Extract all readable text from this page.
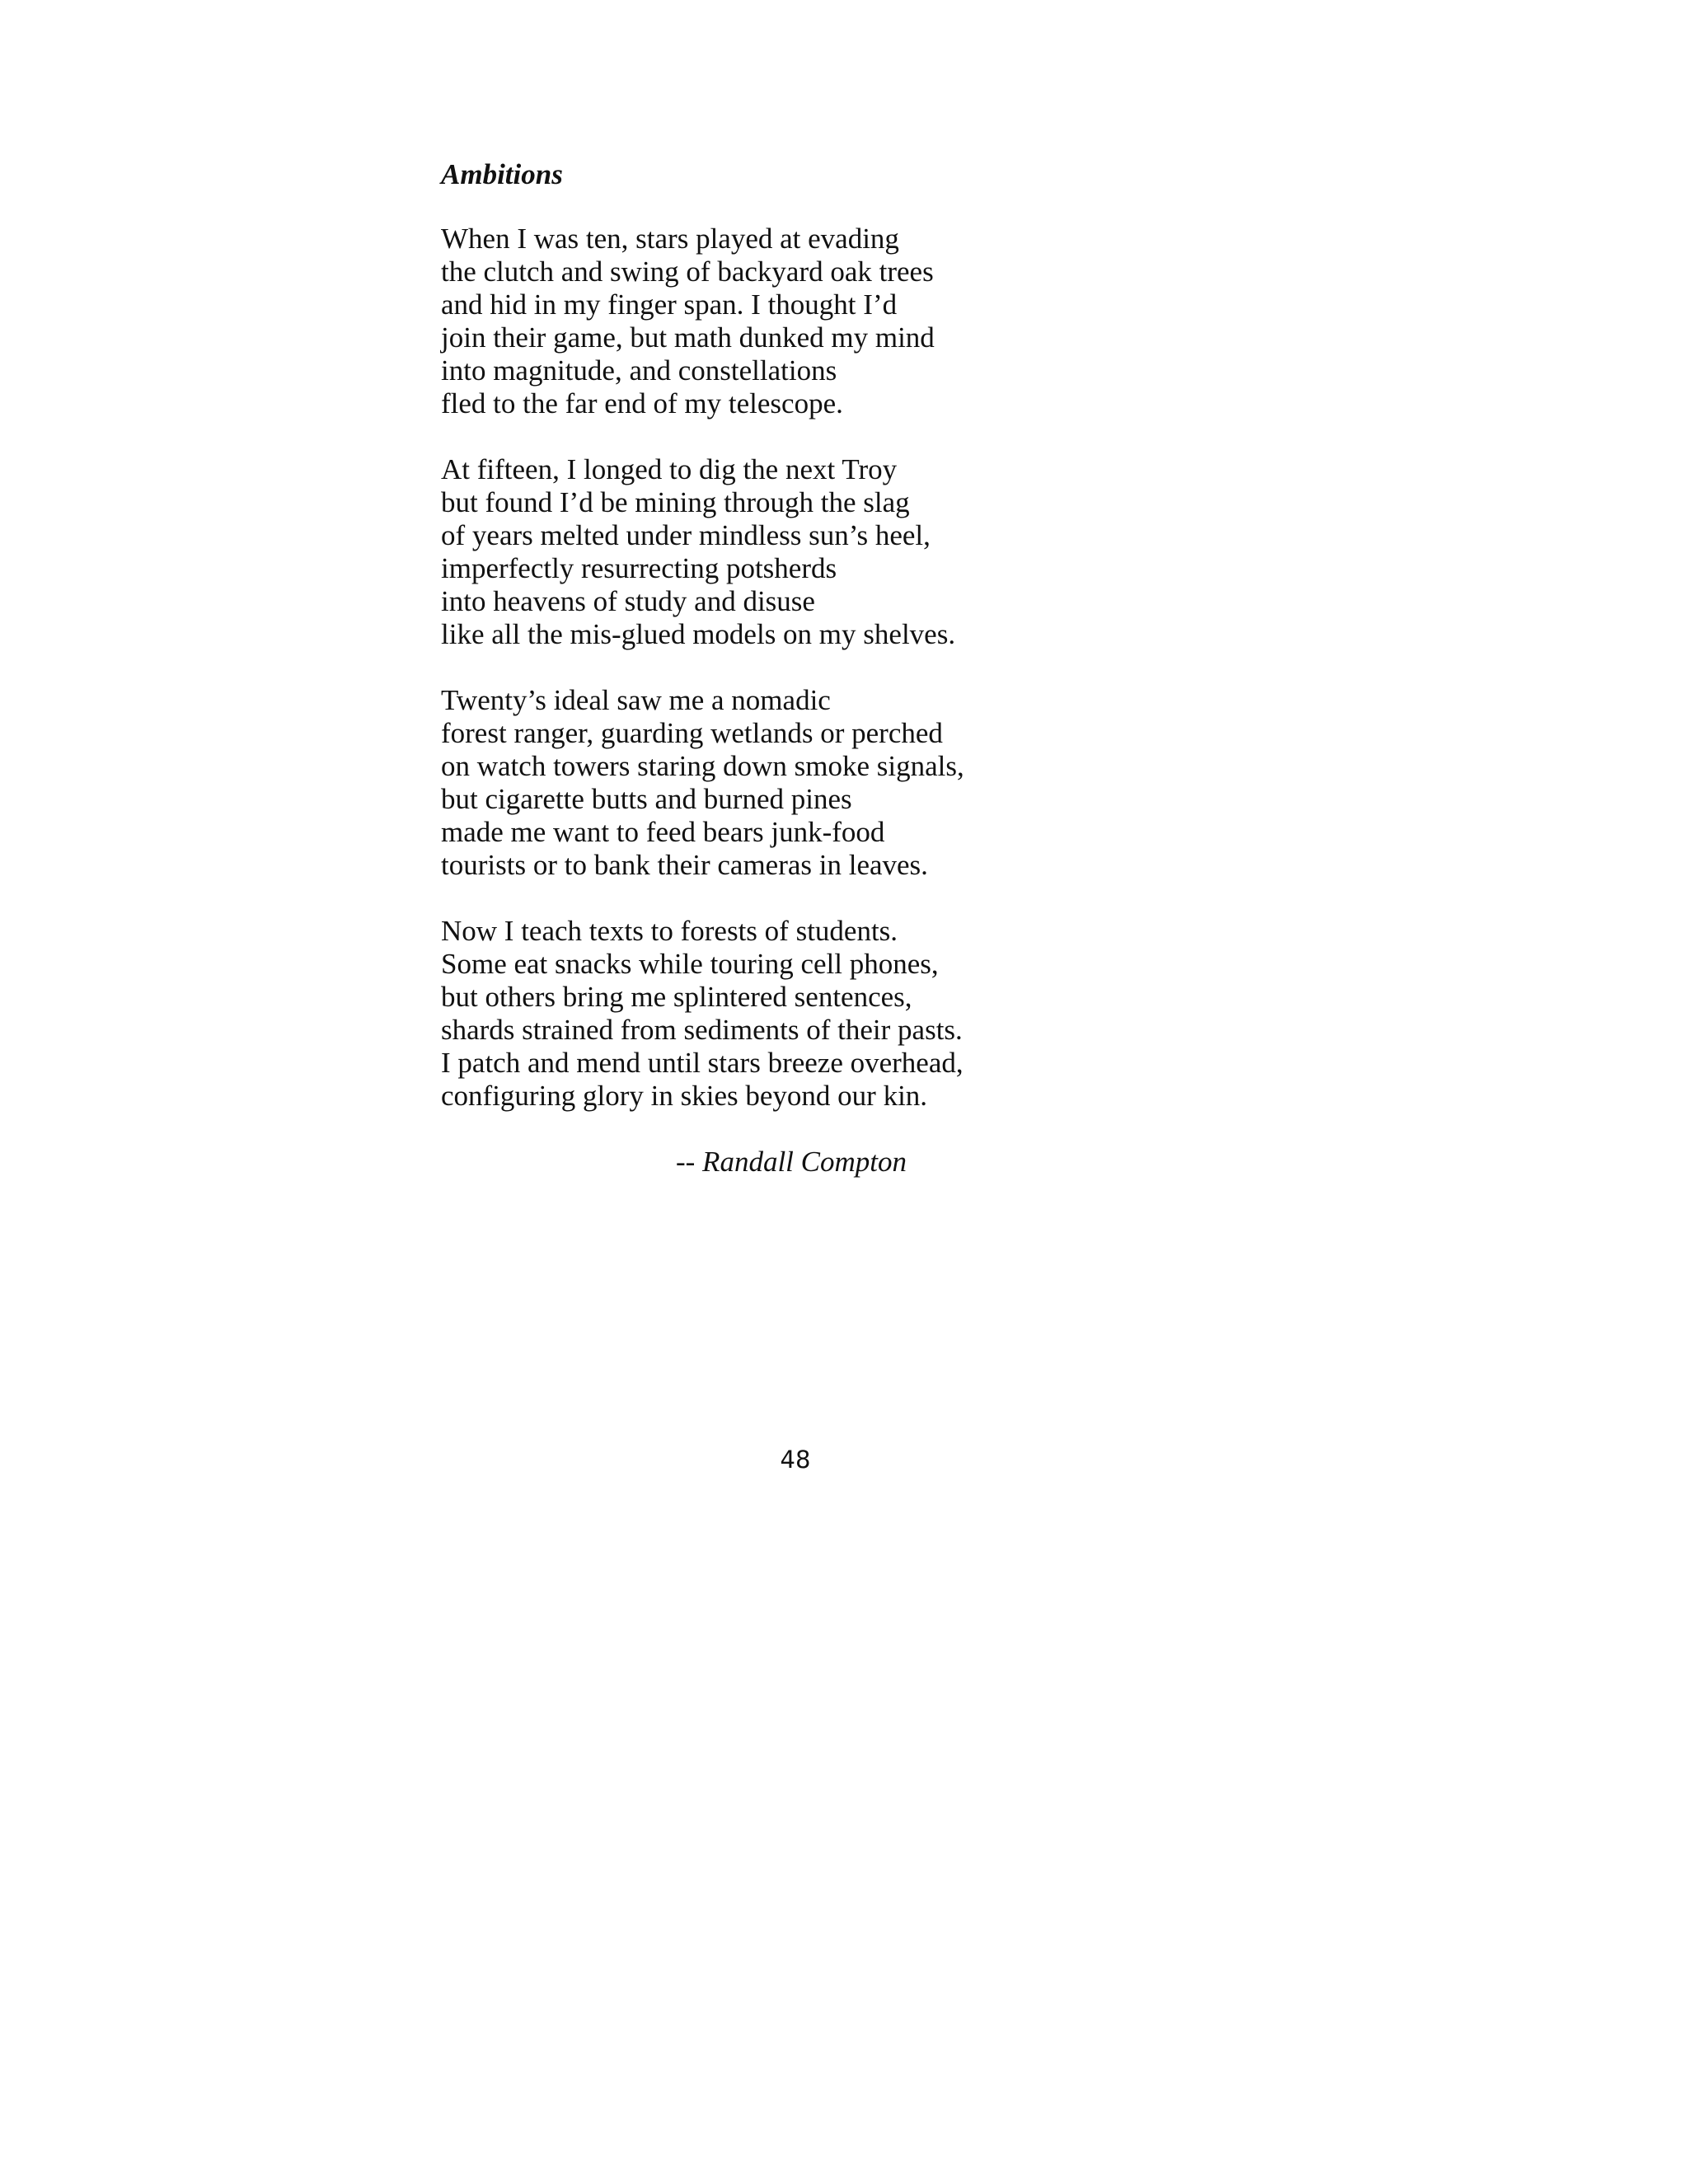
Ambitions
When I was ten, stars played at evading
the clutch and swing of backyard oak trees
and hid in my finger span. I thought I’d
join their game, but math dunked my mind
into magnitude, and constellations
fled to the far end of my telescope.
At fifteen, I longed to dig the next Troy
but found I’d be mining through the slag
of years melted under mindless sun’s heel,
imperfectly resurrecting potsherds
into heavens of study and disuse
like all the mis-glued models on my shelves.
Twenty’s ideal saw me a nomadic
forest ranger, guarding wetlands or perched
on watch towers staring down smoke signals,
but cigarette butts and burned pines
made me want to feed bears junk-food
tourists or to bank their cameras in leaves.
Now I teach texts to forests of students.
Some eat snacks while touring cell phones,
but others bring me splintered sentences,
shards strained from sediments of their pasts.
I patch and mend until stars breeze overhead,
configuring glory in skies beyond our kin.
-- Randall Compton
48
